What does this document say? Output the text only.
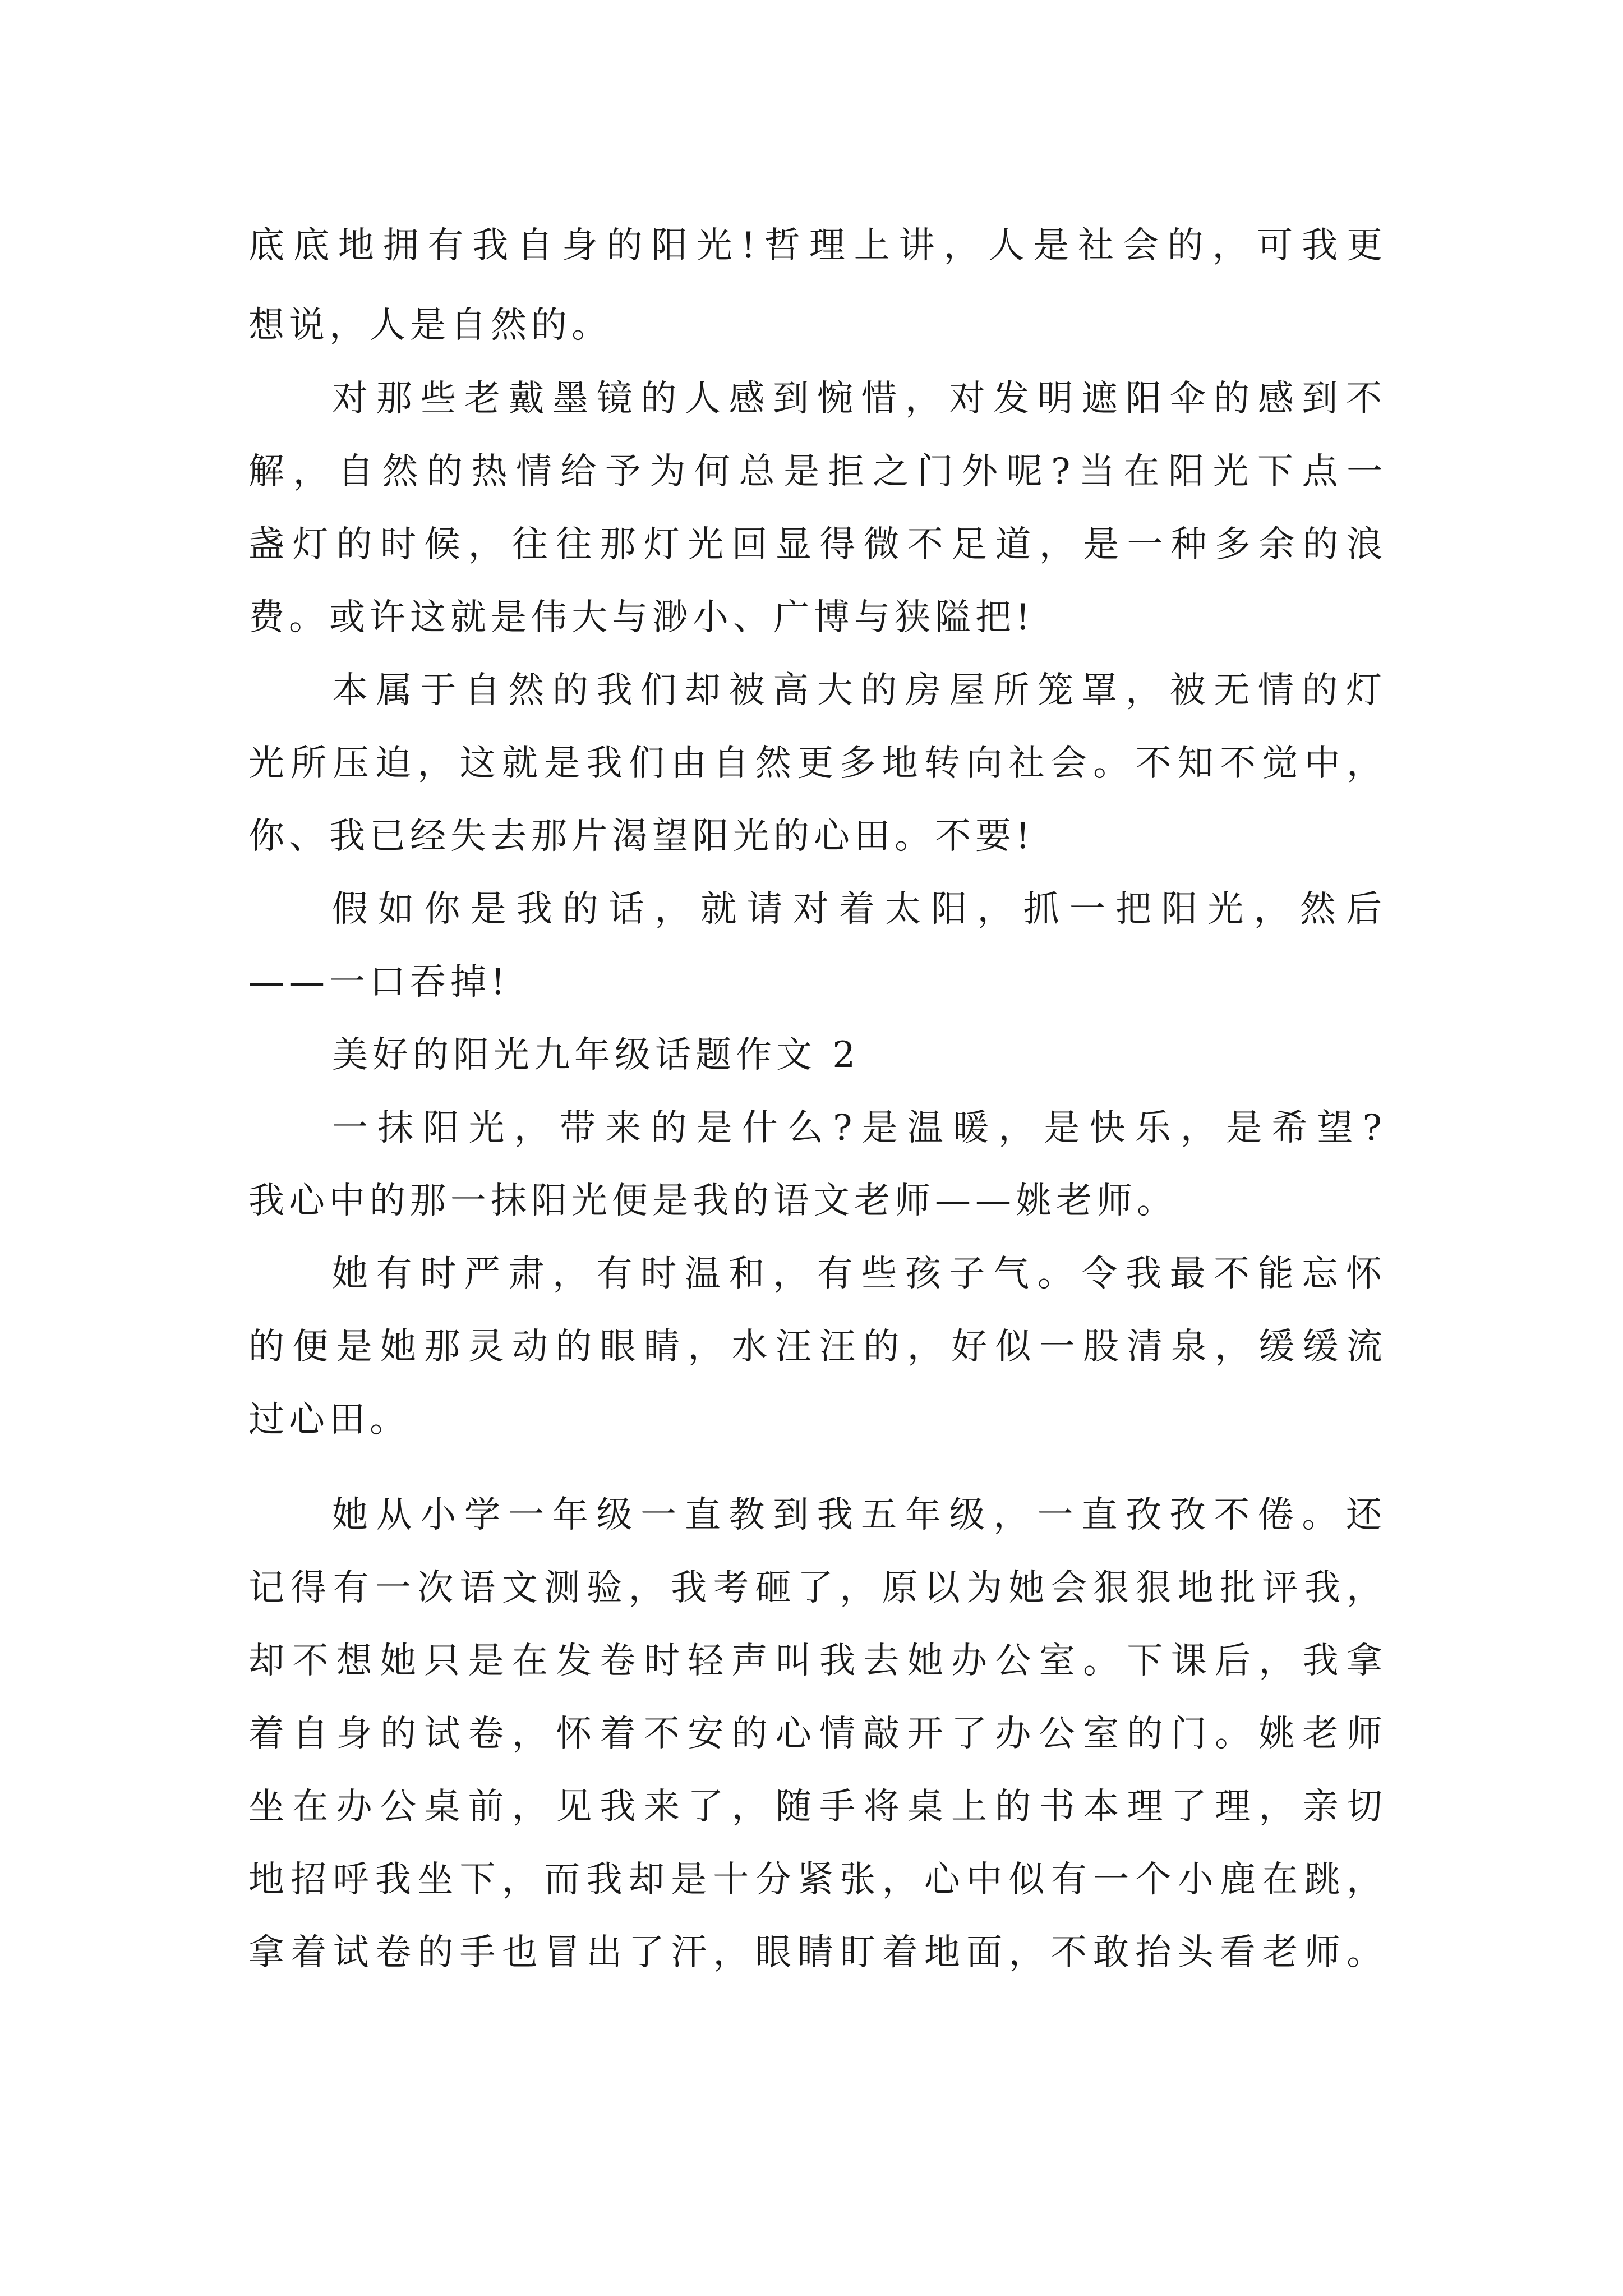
底底地拥有我自身的阳光!哲理上讲，人是社会的，可我更
想说，人是自然的。
对那些老戴墨镜的人感到惋惜，对发明遮阳伞的感到不
解，自然的热情给予为何总是拒之门外呢?当在阳光下点一
盏灯的时候，往往那灯光回显得微不足道，是一种多余的浪
费。或许这就是伟大与渺小、广博与狭隘把!
本属于自然的我们却被高大的房屋所笼罩，被无情的灯
光所压迫，这就是我们由自然更多地转向社会。不知不觉中，
你、我已经失去那片渴望阳光的心田。不要!
假如你是我的话，就请对着太阳，抓一把阳光，然后
——一口吞掉!
美好的阳光九年级话题作文 2
一抹阳光，带来的是什么?是温暖，是快乐，是希望?
我心中的那一抹阳光便是我的语文老师——姚老师。
她有时严肃，有时温和，有些孩子气。令我最不能忘怀
的便是她那灵动的眼睛，水汪汪的，好似一股清泉，缓缓流
过心田。
她从小学一年级一直教到我五年级，一直孜孜不倦。还
记得有一次语文测验，我考砸了，原以为她会狠狠地批评我，
却不想她只是在发卷时轻声叫我去她办公室。下课后，我拿
着自身的试卷，怀着不安的心情敲开了办公室的门。姚老师
坐在办公桌前，见我来了，随手将桌上的书本理了理，亲切
地招呼我坐下，而我却是十分紧张，心中似有一个小鹿在跳，
拿着试卷的手也冒出了汗，眼睛盯着地面，不敢抬头看老师。
